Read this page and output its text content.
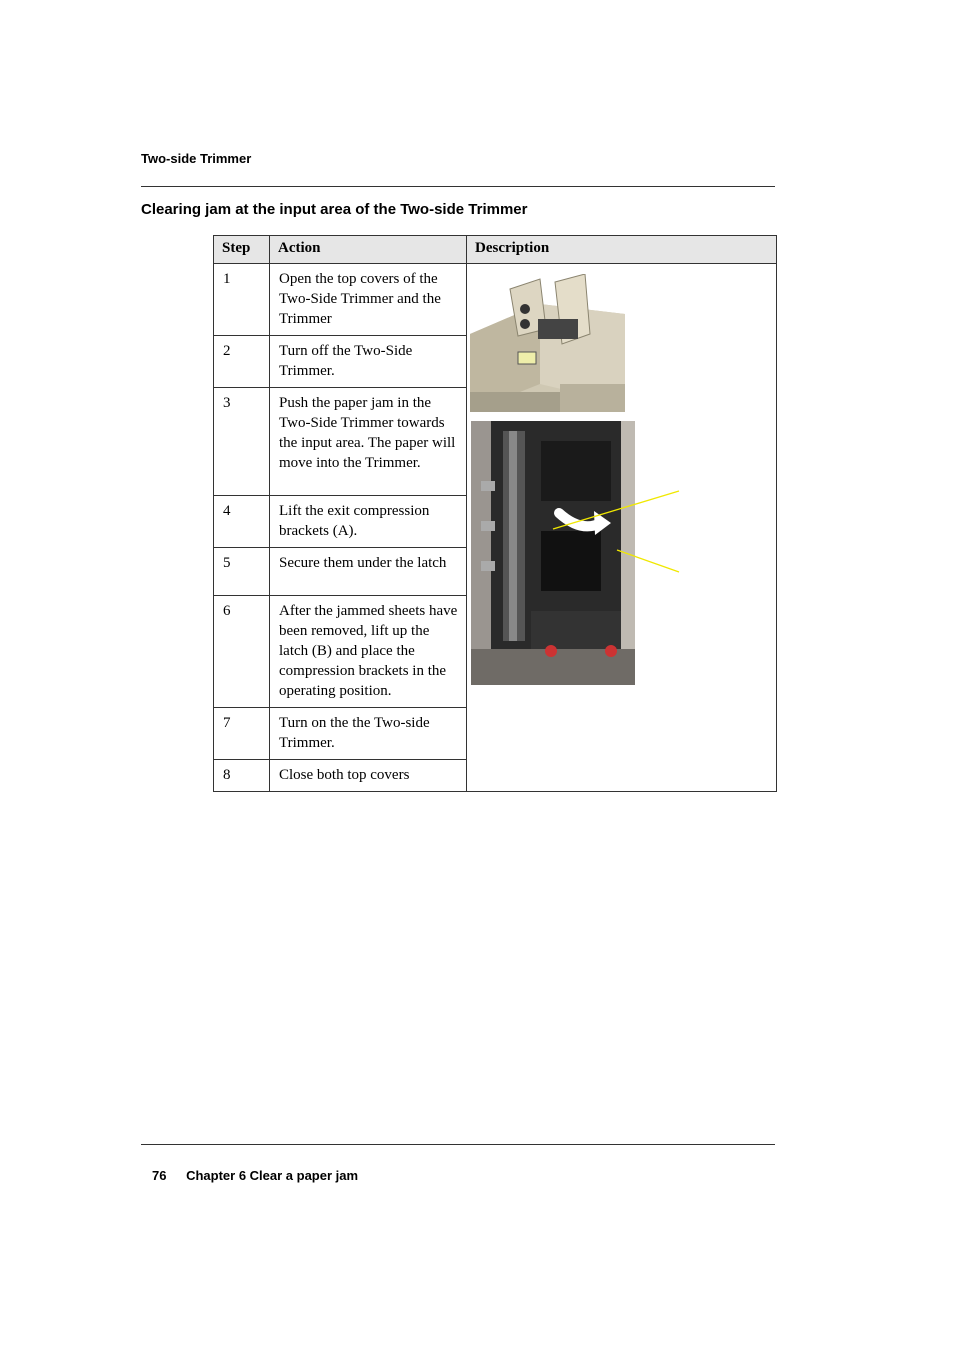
Two-side Trimmer
Clearing jam at the input area of the Two-side Trimmer
Step	Action	Description
1	Open the top covers of the Two-Side Trimmer and the Trimmer	

2	Turn off the Two-Side Trimmer.	
3	Push the paper jam in the Two-Side Trimmer towards the input area. The paper will move into the Trimmer.	
4	Lift the exit compression brackets (A).	
5	Secure them under the latch	
6	After the jammed sheets have been removed, lift up the latch (B) and place the compression brackets in the operating position.	
7	Turn on the the Two-side Trimmer.	
8	Close both top covers	
76 Chapter 6 Clear a paper jam
